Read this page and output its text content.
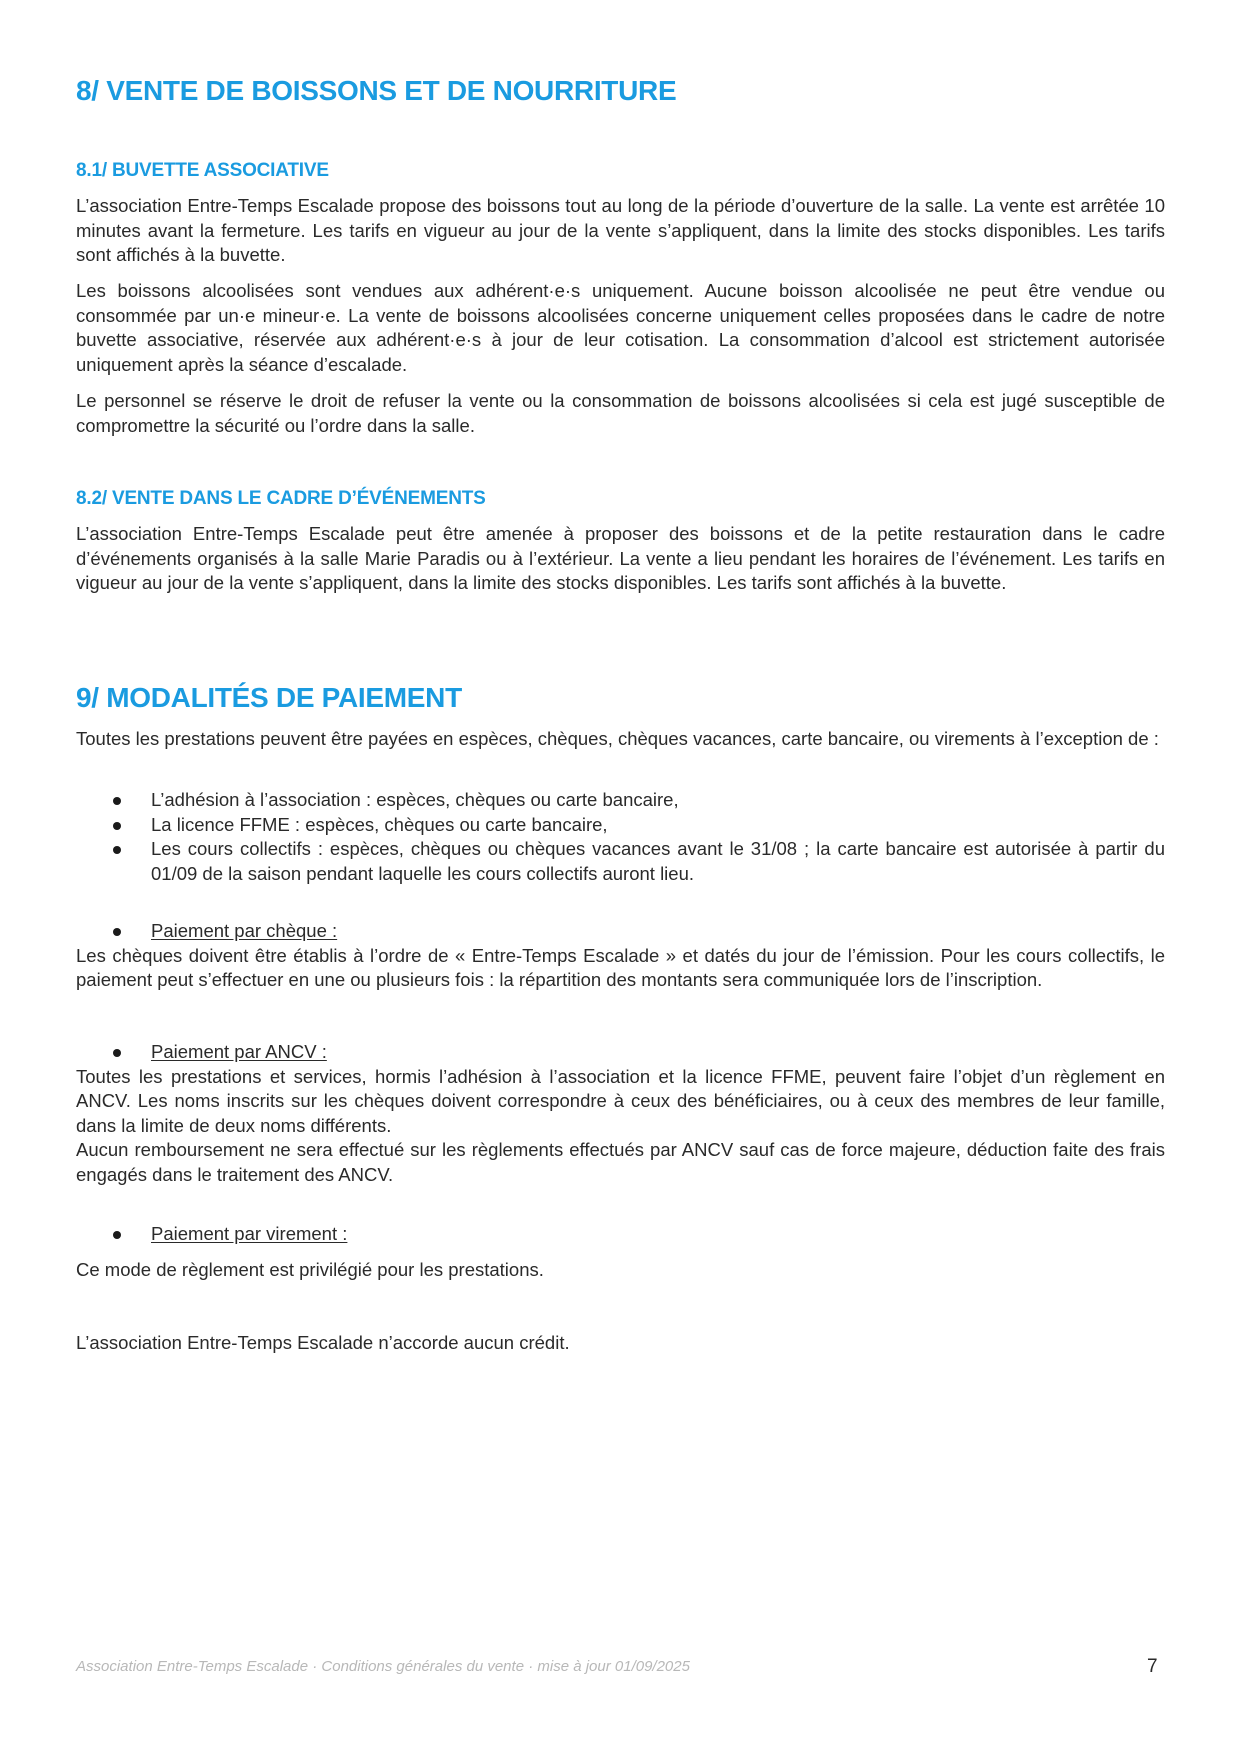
8/ VENTE DE BOISSONS ET DE NOURRITURE
8.1/ BUVETTE ASSOCIATIVE

L’association Entre-Temps Escalade propose des boissons tout au long de la période d’ouverture de la salle. La vente est arrêtée 10 minutes avant la fermeture. Les tarifs en vigueur au jour de la vente s’appliquent, dans la limite des stocks disponibles. Les tarifs sont affichés à la buvette.

Les boissons alcoolisées sont vendues aux adhérent·e·s uniquement. Aucune boisson alcoolisée ne peut être vendue ou consommée par un·e mineur·e. La vente de boissons alcoolisées concerne uniquement celles proposées dans le cadre de notre buvette associative, réservée aux adhérent·e·s à jour de leur cotisation. La consommation d’alcool est strictement autorisée uniquement après la séance d’escalade.

Le personnel se réserve le droit de refuser la vente ou la consommation de boissons alcoolisées si cela est jugé susceptible de compromettre la sécurité ou l’ordre dans la salle.

8.2/ VENTE DANS LE CADRE D’ÉVÉNEMENTS

L’association Entre-Temps Escalade peut être amenée à proposer des boissons et de la petite restauration dans le cadre d’événements organisés à la salle Marie Paradis ou à l’extérieur. La vente a lieu pendant les horaires de l’événement. Les tarifs en vigueur au jour de la vente s’appliquent, dans la limite des stocks disponibles. Les tarifs sont affichés à la buvette.

9/ MODALITÉS DE PAIEMENT

Toutes les prestations peuvent être payées en espèces, chèques, chèques vacances, carte bancaire, ou virements à l’exception de :

L’adhésion à l’association : espèces, chèques ou carte bancaire,
La licence FFME : espèces, chèques ou carte bancaire,
Les cours collectifs : espèces, chèques ou chèques vacances avant le 31/08 ; la carte bancaire est autorisée à partir du 01/09 de la saison pendant laquelle les cours collectifs auront lieu.
Paiement par chèque :

Les chèques doivent être établis à l’ordre de « Entre-Temps Escalade » et datés du jour de l’émission. Pour les cours collectifs, le paiement peut s’effectuer en une ou plusieurs fois : la répartition des montants sera communiquée lors de l’inscription.

Paiement par ANCV :

Toutes les prestations et services, hormis l’adhésion à l’association et la licence FFME, peuvent faire l’objet d’un règlement en ANCV. Les noms inscrits sur les chèques doivent correspondre à ceux des bénéficiaires, ou à ceux des membres de leur famille, dans la limite de deux noms différents.

Aucun remboursement ne sera effectué sur les règlements effectués par ANCV sauf cas de force majeure, déduction faite des frais engagés dans le traitement des ANCV.

Paiement par virement :

Ce mode de règlement est privilégié pour les prestations.

L’association Entre-Temps Escalade n’accorde aucun crédit.

Association Entre-Temps Escalade · Conditions générales du vente · mise à jour 01/09/2025	7
